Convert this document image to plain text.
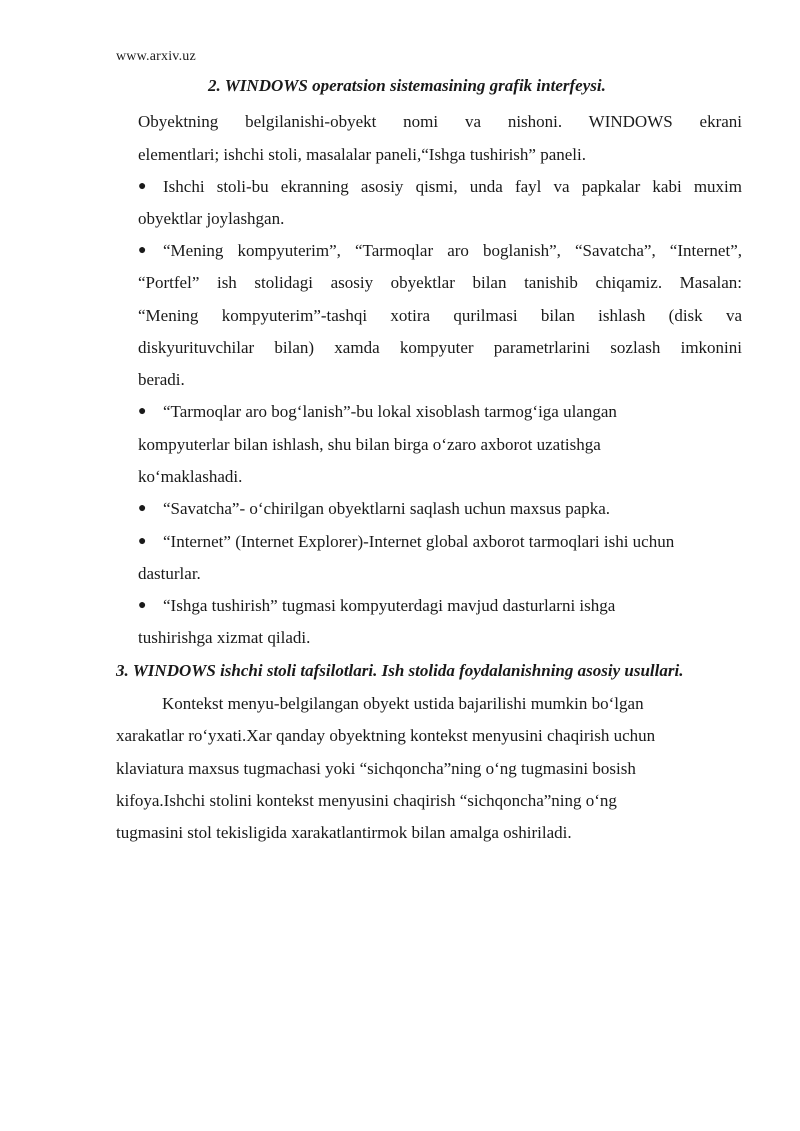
www.arxiv.uz
2. WINDOWS operatsion sistemasining grafik interfeysi.
Obyektning belgilanishi-obyekt nomi va nishoni. WINDOWS ekrani
elementlari; ishchi stoli, masalalar paneli,“Ishga tushirish” paneli.
● Ishchi stoli-bu ekranning asosiy qismi, unda fayl va papkalar kabi muxim
obyektlar joylashgan.
● “Mening kompyuterim”, “Tarmoqlar aro boglanish”, “Savatcha”, “Internet”,
“Portfel” ish stolidagi asosiy obyektlar bilan tanishib chiqamiz. Masalan:
“Mening kompyuterim”-tashqi xotira qurilmasi bilan ishlash (disk va
diskyurituvchilar bilan) xamda kompyuter parametrlarini sozlash imkonini
beradi.
● “Tarmoqlar aro bog‘lanish”-bu lokal xisoblash tarmog‘iga ulangan
kompyuterlar bilan ishlash, shu bilan birga o‘zaro axborot uzatishga
ko‘maklashadi.
● “Savatcha”- o‘chirilgan obyektlarni saqlash uchun maxsus papka.
● “Internet” (Internet Explorer)-Internet global axborot tarmoqlari ishi uchun
dasturlar.
● “Ishga tushirish” tugmasi kompyuterdagi mavjud dasturlarni ishga
tushirishga xizmat qiladi.
3. WINDOWS ishchi stoli tafsilotlari. Ish stolida foydalanishning asosiy usullari.
Kontekst menyu-belgilangan obyekt ustida bajarilishi mumkin bo‘lgan
xarakatlar ro‘yxati.Xar qanday obyektning kontekst menyusini chaqirish uchun
klaviatura maxsus tugmachasi yoki “sichqoncha”ning o‘ng tugmasini bosish
kifoya.Ishchi stolini kontekst menyusini chaqirish “sichqoncha”ning o‘ng
tugmasini stol tekisligida xarakatlantirmok bilan amalga oshiriladi.
